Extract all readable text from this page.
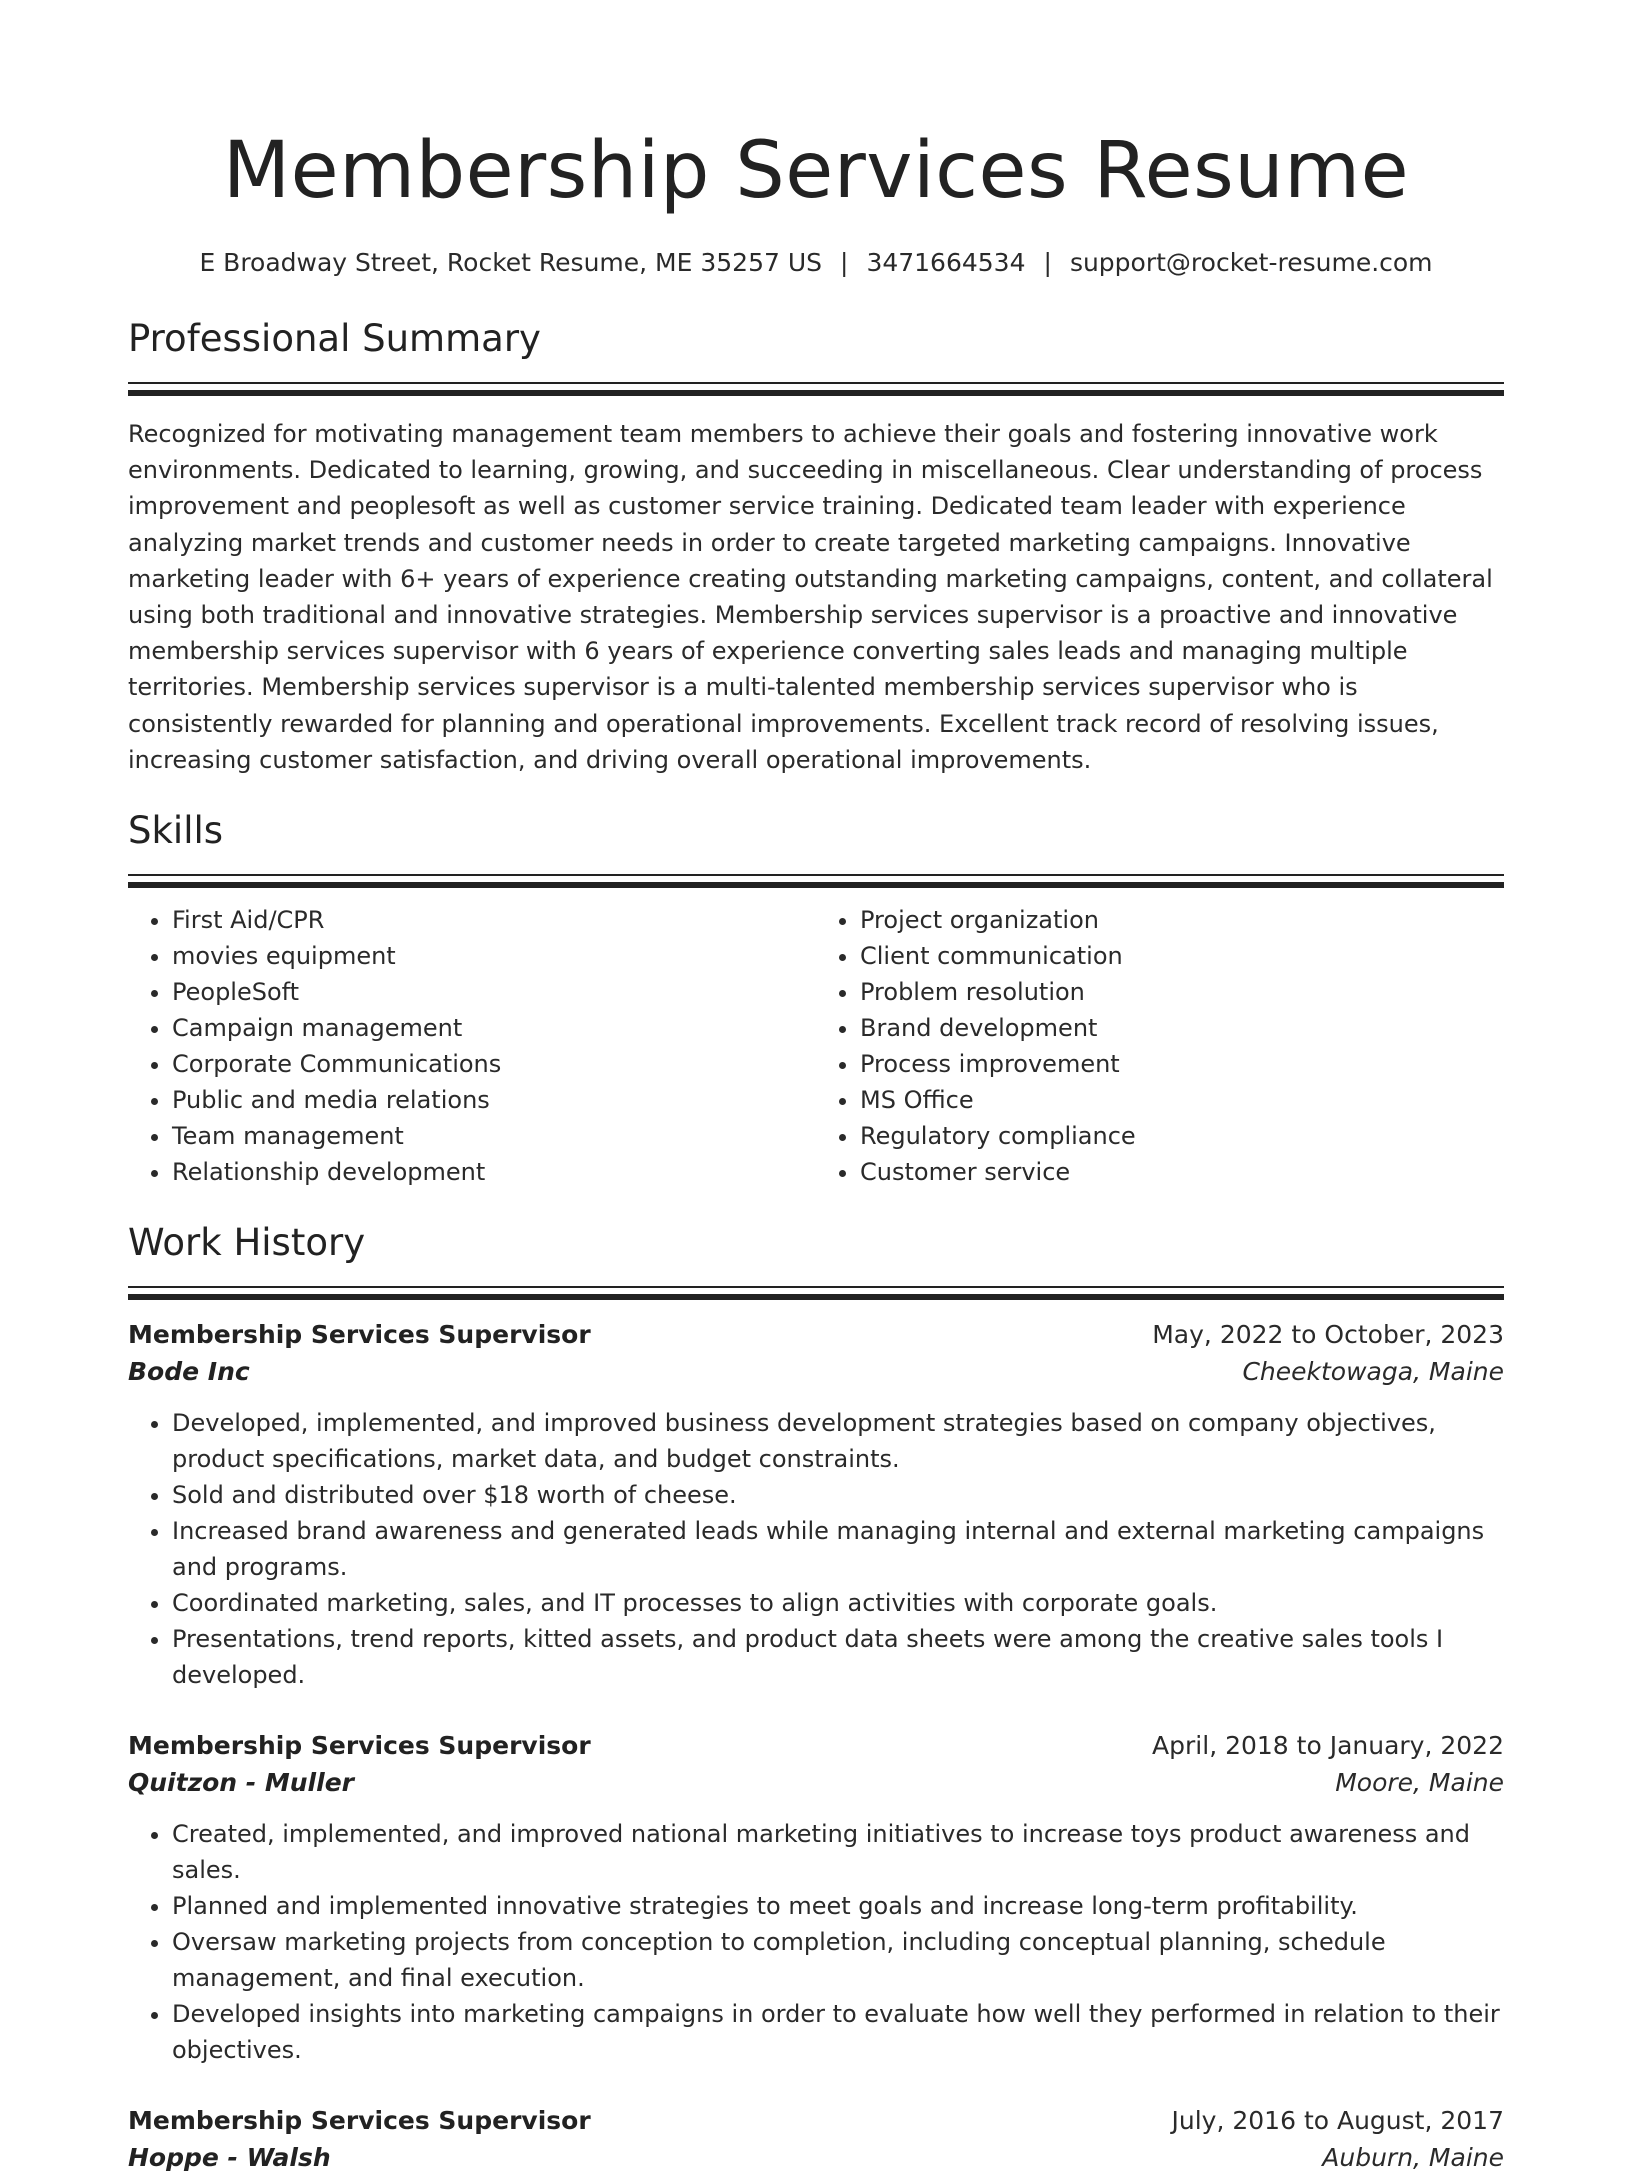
Membership Services Resume
E Broadway Street, Rocket Resume, ME 35257 US | 3471664534 | support@rocket-resume.com
Professional Summary

Recognized for motivating management team members to achieve their goals and fostering innovative work environments. Dedicated to learning, growing, and succeeding in miscellaneous. Clear understanding of process improvement and peoplesoft as well as customer service training. Dedicated team leader with experience analyzing market trends and customer needs in order to create targeted marketing campaigns. Innovative marketing leader with 6+ years of experience creating outstanding marketing campaigns, content, and collateral using both traditional and innovative strategies. Membership services supervisor is a proactive and innovative membership services supervisor with 6 years of experience converting sales leads and managing multiple territories. Membership services supervisor is a multi-talented membership services supervisor who is consistently rewarded for planning and operational improvements. Excellent track record of resolving issues, increasing customer satisfaction, and driving overall operational improvements.

Skills
• First Aid/CPR
• movies equipment
• PeopleSoft
• Campaign management
• Corporate Communications
• Public and media relations
• Team management
• Relationship development
• Project organization
• Client communication
• Problem resolution
• Brand development
• Process improvement
• MS Office
• Regulatory compliance
• Customer service
Work History
Membership Services Supervisor	May, 2022 to October, 2023
Bode Inc	Cheektowaga, Maine
• Developed, implemented, and improved business development strategies based on company objectives, product specifications, market data, and budget constraints.
• Sold and distributed over $18 worth of cheese.
• Increased brand awareness and generated leads while managing internal and external marketing campaigns and programs.
• Coordinated marketing, sales, and IT processes to align activities with corporate goals.
• Presentations, trend reports, kitted assets, and product data sheets were among the creative sales tools I developed.
Membership Services Supervisor	April, 2018 to January, 2022
Quitzon - Muller	Moore, Maine
• Created, implemented, and improved national marketing initiatives to increase toys product awareness and sales.
• Planned and implemented innovative strategies to meet goals and increase long-term profitability.
• Oversaw marketing projects from conception to completion, including conceptual planning, schedule management, and final execution.
• Developed insights into marketing campaigns in order to evaluate how well they performed in relation to their objectives.
Membership Services Supervisor	July, 2016 to August, 2017
Hoppe - Walsh	Auburn, Maine
